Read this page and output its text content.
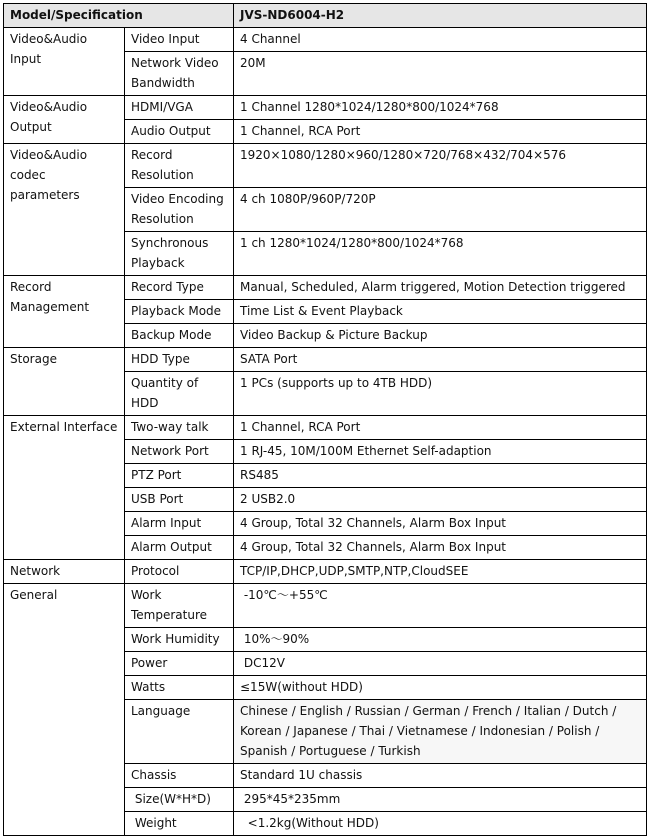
Model/Specification		JVS-ND6004-H2
Video&Audio Input	Video Input	4 Channel
	Network Video Bandwidth	20M
Video&Audio Output	HDMI/VGA	1 Channel 1280*1024/1280*800/1024*768
	Audio Output	1 Channel, RCA Port
Video&Audio codec parameters	Record Resolution	1920×1080/1280×960/1280×720/768×432/704×576
	Video Encoding Resolution	4 ch 1080P/960P/720P
	Synchronous Playback	1 ch 1280*1024/1280*800/1024*768
Record Management	Record Type	Manual, Scheduled, Alarm triggered, Motion Detection triggered
	Playback Mode	Time List & Event Playback
	Backup Mode	Video Backup & Picture Backup
Storage	HDD Type	SATA Port
	Quantity of HDD	1 PCs (supports up to 4TB HDD)
External Interface	Two-way talk	1 Channel, RCA Port
	Network Port	1 RJ-45, 10M/100M Ethernet Self-adaption
	PTZ Port	RS485
	USB Port	2 USB2.0
	Alarm Input	4 Group, Total 32 Channels, Alarm Box Input
	Alarm Output	4 Group, Total 32 Channels, Alarm Box Input
Network	Protocol	TCP/IP,DHCP,UDP,SMTP,NTP,CloudSEE
General	Work Temperature	-10℃～+55℃
	Work Humidity	10%～90%
	Power	DC12V
	Watts	≤15W(without HDD)
	Language	Chinese / English / Russian / German / French / Italian / Dutch / Korean / Japanese / Thai / Vietnamese / Indonesian / Polish / Spanish / Portuguese / Turkish
	Chassis	Standard 1U chassis
	Size(W*H*D)	295*45*235mm
	Weight	<1.2kg(Without HDD)
